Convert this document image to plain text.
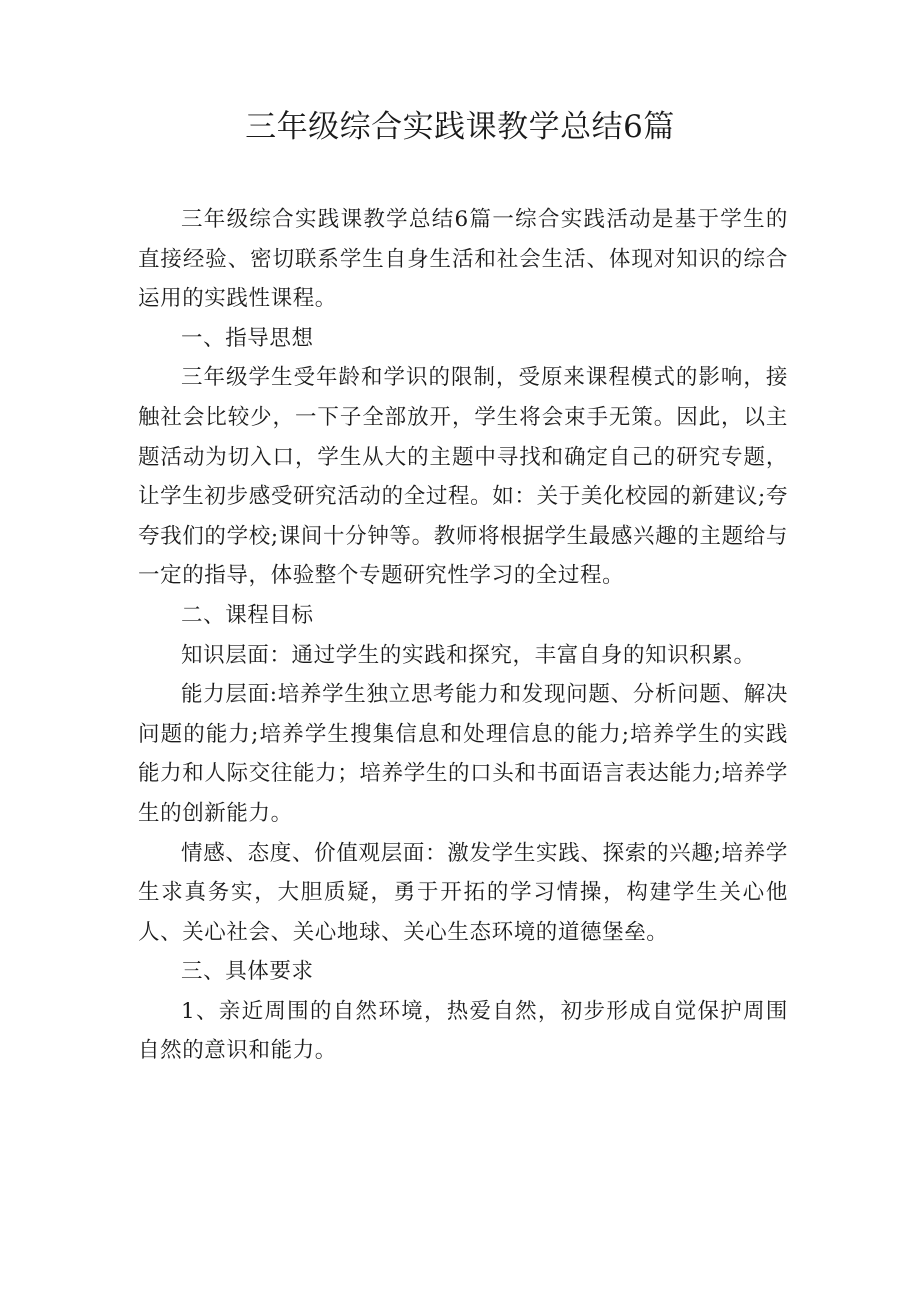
三年级综合实践课教学总结6篇

三年级综合实践课教学总结6篇一综合实践活动是基于学生的直接经验、密切联系学生自身生活和社会生活、体现对知识的综合运用的实践性课程。

一、指导思想

三年级学生受年龄和学识的限制，受原来课程模式的影响，接触社会比较少，一下子全部放开，学生将会束手无策。因此，以主题活动为切入口，学生从大的主题中寻找和确定自己的研究专题，让学生初步感受研究活动的全过程。如：关于美化校园的新建议;夸夸我们的学校;课间十分钟等。教师将根据学生最感兴趣的主题给与一定的指导，体验整个专题研究性学习的全过程。

二、课程目标

知识层面：通过学生的实践和探究，丰富自身的知识积累。

能力层面:培养学生独立思考能力和发现问题、分析问题、解决问题的能力;培养学生搜集信息和处理信息的能力;培养学生的实践能力和人际交往能力；培养学生的口头和书面语言表达能力;培养学生的创新能力。

情感、态度、价值观层面：激发学生实践、探索的兴趣;培养学生求真务实，大胆质疑，勇于开拓的学习情操，构建学生关心他人、关心社会、关心地球、关心生态环境的道德堡垒。

三、具体要求

1、亲近周围的自然环境，热爱自然，初步形成自觉保护周围自然的意识和能力。
